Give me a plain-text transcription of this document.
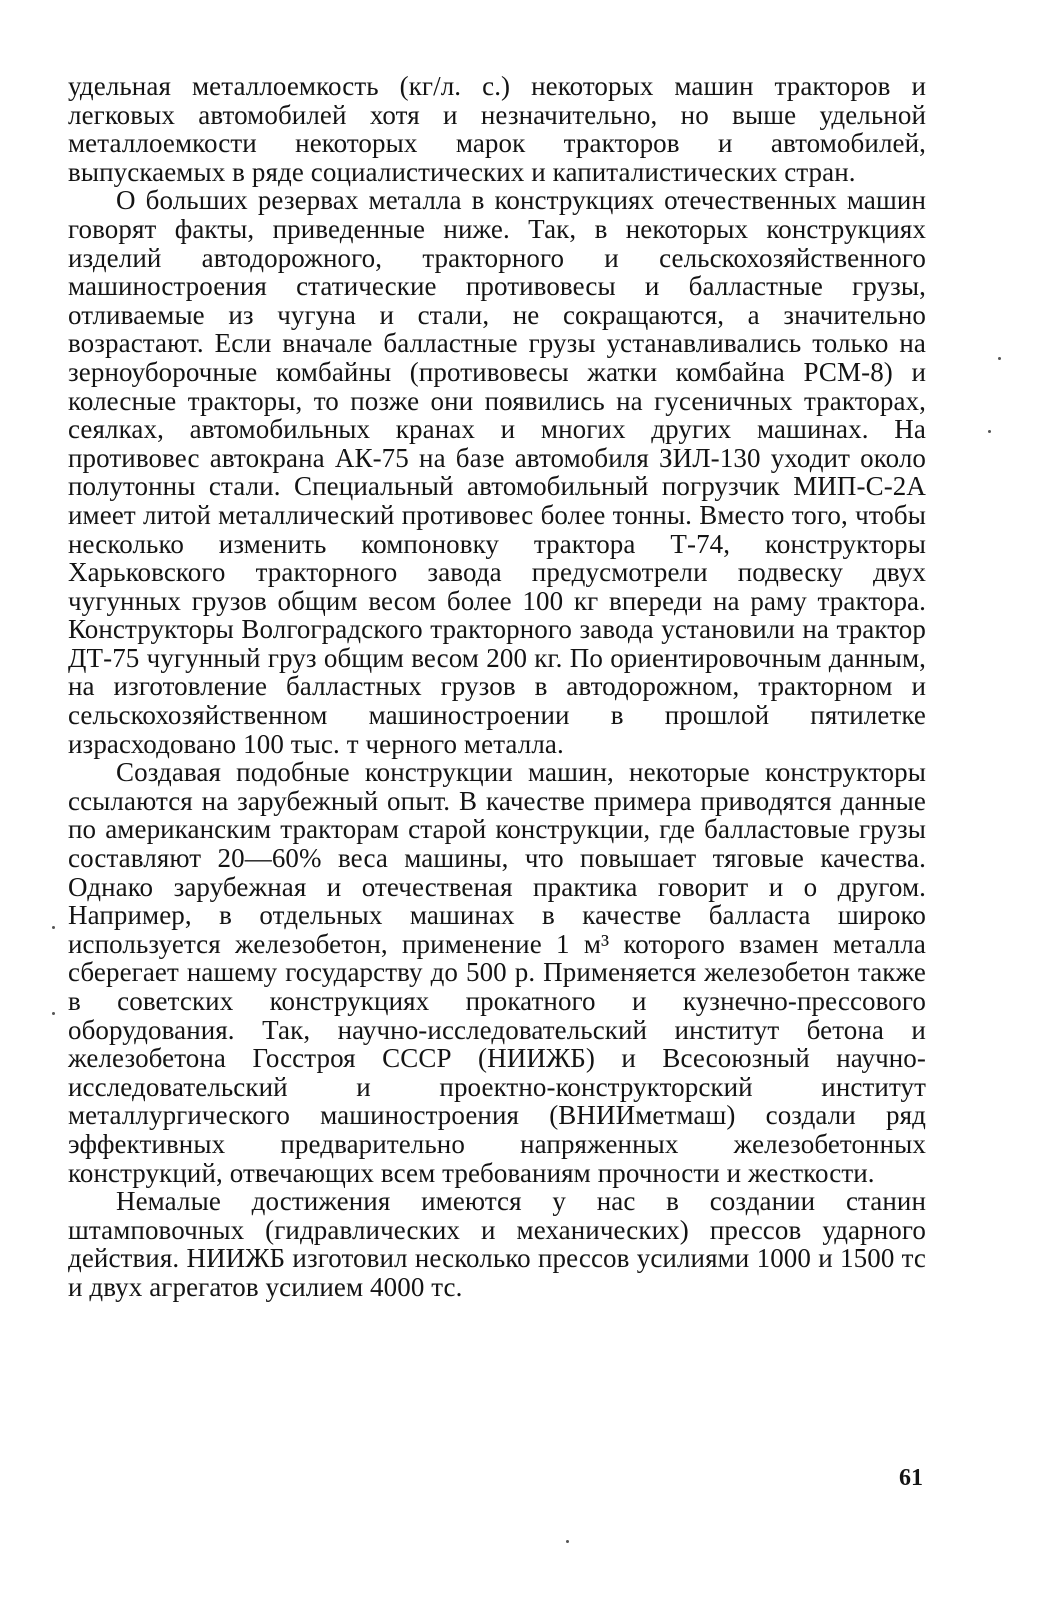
удельная металлоемкость (кг/л. с.) некоторых машин тракторов и легковых автомобилей хотя и незначительно, но выше удельной металлоемкости некоторых марок тракторов и автомобилей, выпускаемых в ряде социалистических и капиталистических стран.

О больших резервах металла в конструкциях отечественных машин говорят факты, приведенные ниже. Так, в некоторых конструкциях изделий автодорожного, тракторного и сельскохозяйственного машиностроения статические противовесы и балластные грузы, отливаемые из чугуна и стали, не сокращаются, а значительно возрастают. Если вначале балластные грузы устанавливались только на зерноуборочные комбайны (противовесы жатки комбайна РСМ-8) и колесные тракторы, то позже они появились на гусеничных тракторах, сеялках, автомобильных кранах и многих других машинах. На противовес автокрана АК-75 на базе автомобиля ЗИЛ-130 уходит около полутонны стали. Специальный автомобильный погрузчик МИП-С-2А имеет литой металлический противовес более тонны. Вместо того, чтобы несколько изменить компоновку трактора Т-74, конструкторы Харьковского тракторного завода предусмотрели подвеску двух чугунных грузов общим весом более 100 кг впереди на раму трактора. Конструкторы Волгоградского тракторного завода установили на трактор ДТ-75 чугунный груз общим весом 200 кг. По ориентировочным данным, на изготовление балластных грузов в автодорожном, тракторном и сельскохозяйственном машиностроении в прошлой пятилетке израсходовано 100 тыс. т черного металла.

Создавая подобные конструкции машин, некоторые конструкторы ссылаются на зарубежный опыт. В качестве примера приводятся данные по американским тракторам старой конструкции, где балластовые грузы составляют 20—60% веса машины, что повышает тяговые качества. Однако зарубежная и отечественая практика говорит и о другом. Например, в отдельных машинах в качестве балласта широко используется железобетон, применение 1 м³ которого взамен металла сберегает нашему государству до 500 р. Применяется железобетон также в советских конструкциях прокатного и кузнечно-прессового оборудования. Так, научно-исследовательский институт бетона и железобетона Госстроя СССР (НИИЖБ) и Всесоюзный научно-исследовательский и проектно-конструкторский институт металлургического машиностроения (ВНИИметмаш) создали ряд эффективных предварительно напряженных железобетонных конструкций, отвечающих всем требованиям прочности и жесткости.

Немалые достижения имеются у нас в создании станин штамповочных (гидравлических и механических) прессов ударного действия. НИИЖБ изготовил несколько прессов усилиями 1000 и 1500 тс и двух агрегатов усилием 4000 тс.

61
